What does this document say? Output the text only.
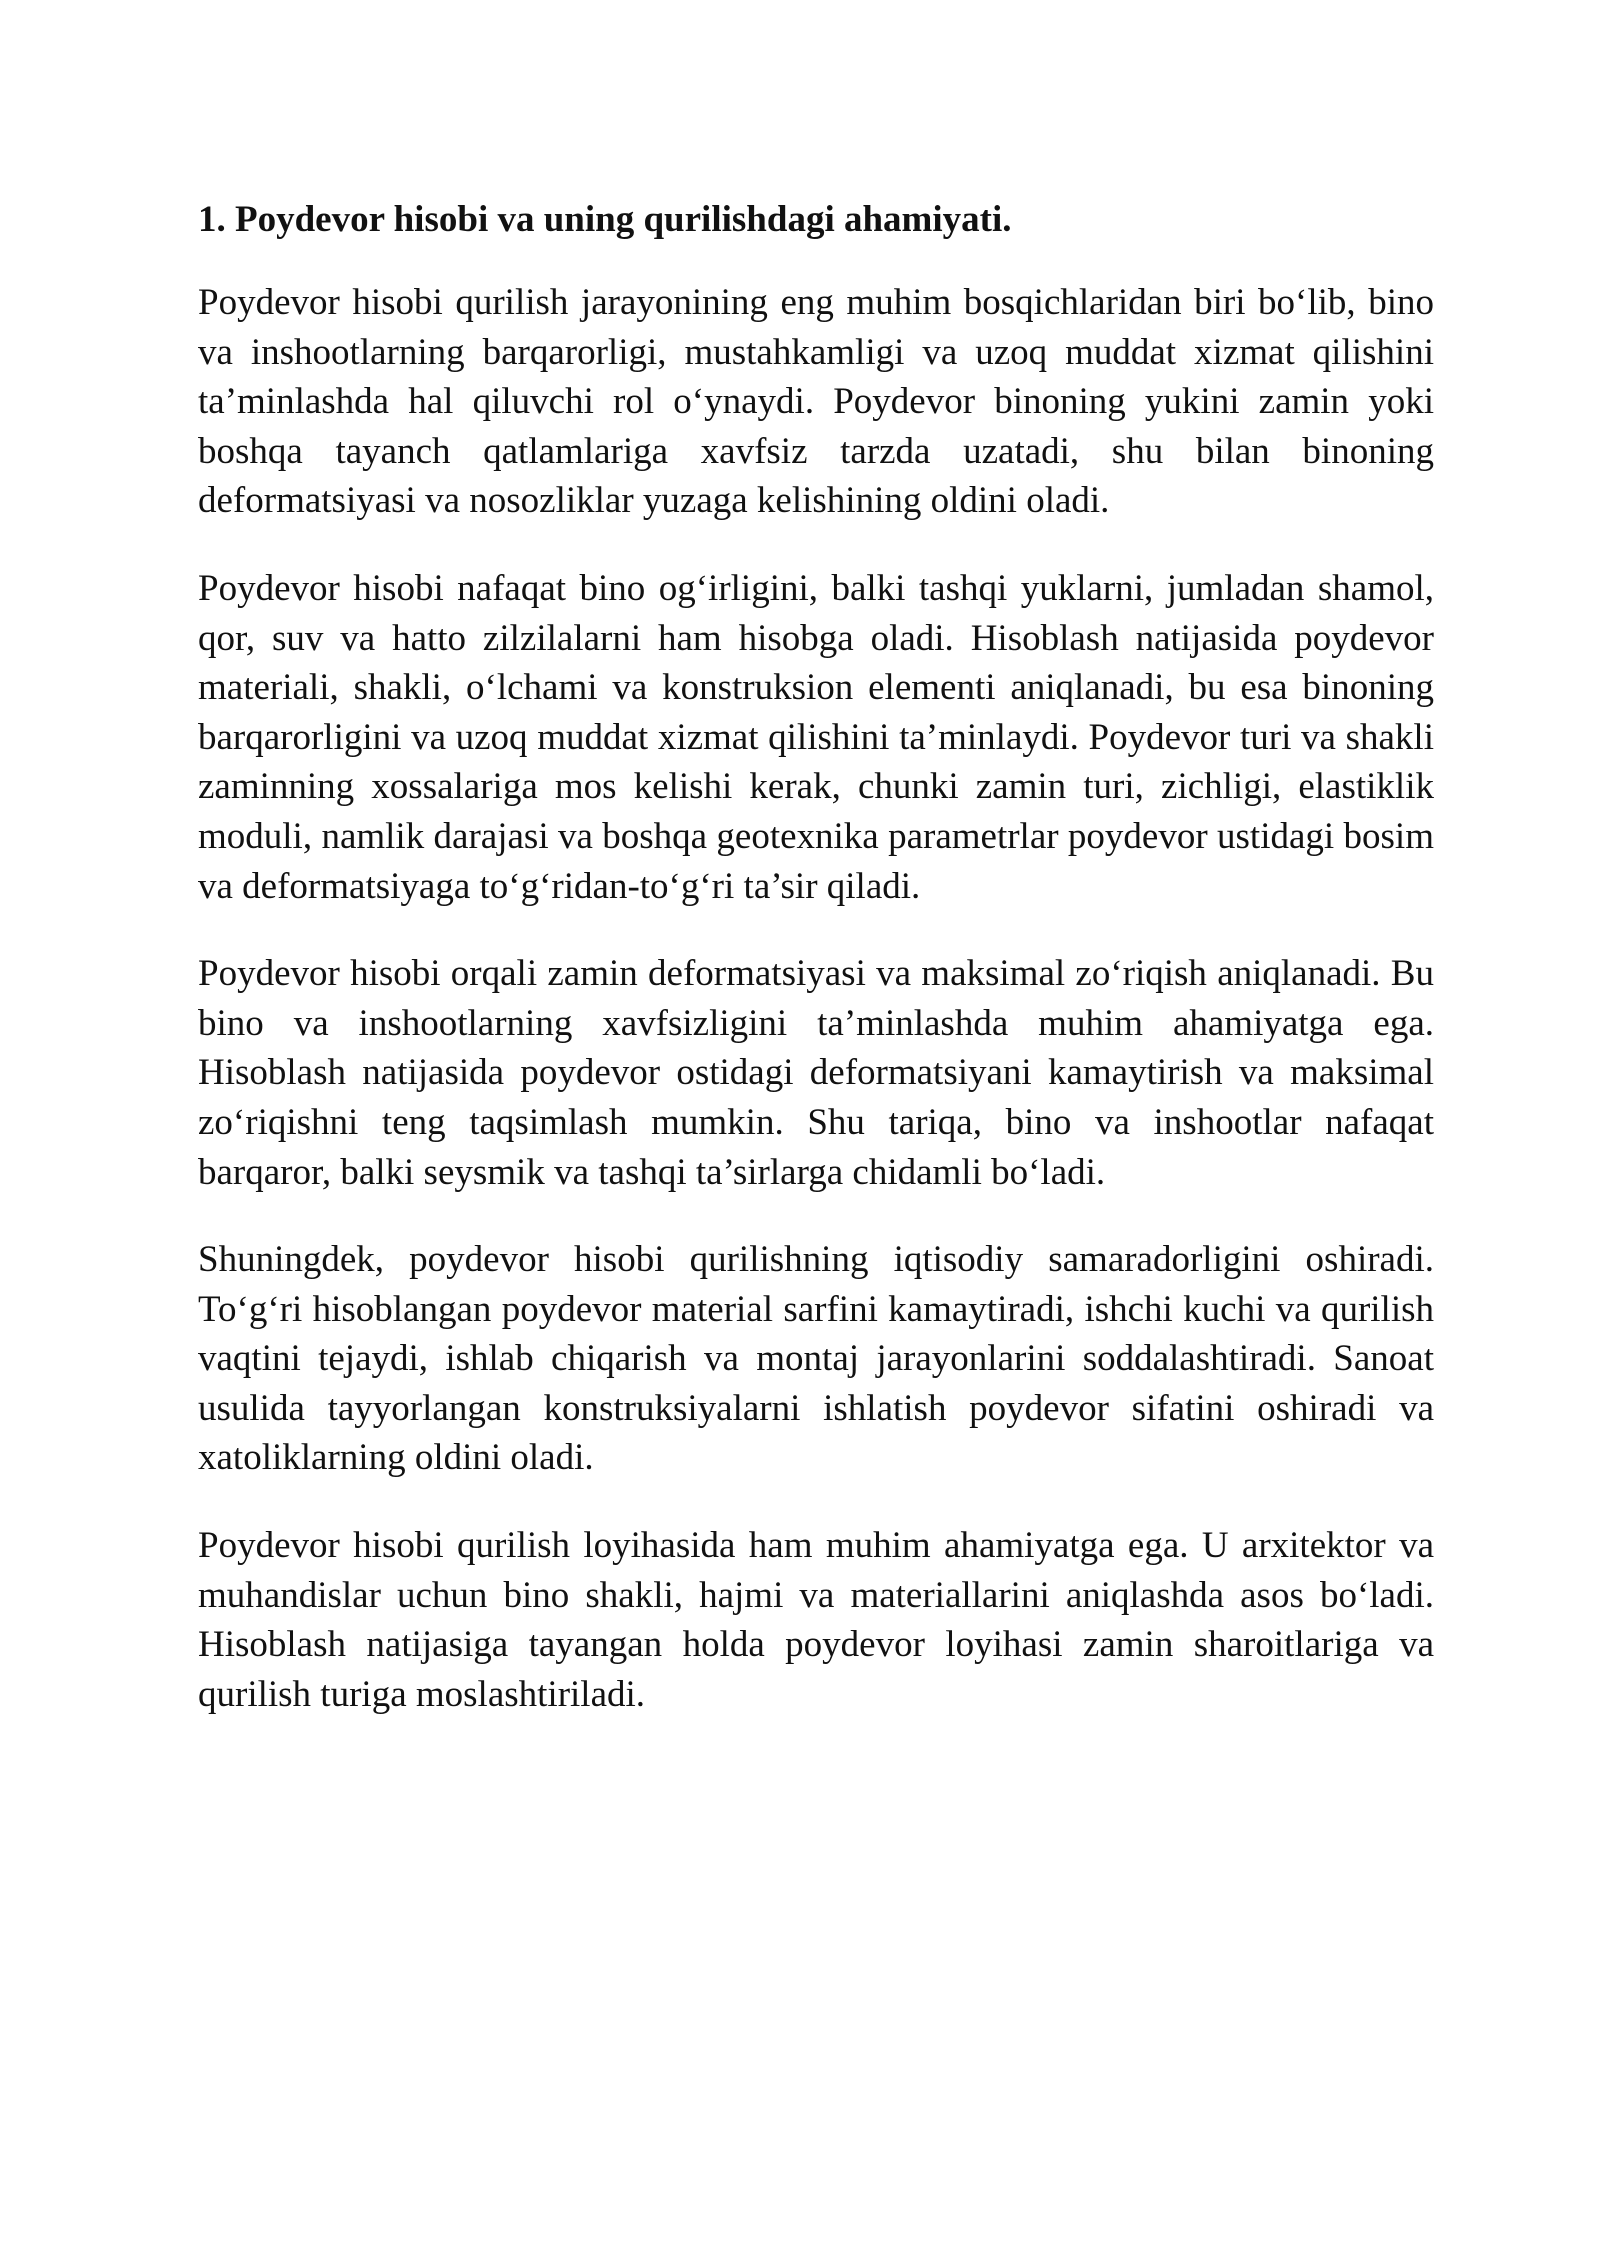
1. Poydevor hisobi va uning qurilishdagi ahamiyati.

Poydevor hisobi qurilish jarayonining eng muhim bosqichlaridan biri bo‘lib, bino va inshootlarning barqarorligi, mustahkamligi va uzoq muddat xizmat qilishini ta’minlashda hal qiluvchi rol o‘ynaydi. Poydevor binoning yukini zamin yoki boshqa tayanch qatlamlariga xavfsiz tarzda uzatadi, shu bilan binoning deformatsiyasi va nosozliklar yuzaga kelishining oldini oladi.

Poydevor hisobi nafaqat bino og‘irligini, balki tashqi yuklarni, jumladan shamol, qor, suv va hatto zilzilalarni ham hisobga oladi. Hisoblash natijasida poydevor materiali, shakli, o‘lchami va konstruksion elementi aniqlanadi, bu esa binoning barqarorligini va uzoq muddat xizmat qilishini ta’minlaydi. Poydevor turi va shakli zaminning xossalariga mos kelishi kerak, chunki zamin turi, zichligi, elastiklik moduli, namlik darajasi va boshqa geotexnika parametrlar poydevor ustidagi bosim va deformatsiyaga to‘g‘ridan-to‘g‘ri ta’sir qiladi.

Poydevor hisobi orqali zamin deformatsiyasi va maksimal zo‘riqish aniqlanadi. Bu bino va inshootlarning xavfsizligini ta’minlashda muhim ahamiyatga ega. Hisoblash natijasida poydevor ostidagi deformatsiyani kamaytirish va maksimal zo‘riqishni teng taqsimlash mumkin. Shu tariqa, bino va inshootlar nafaqat barqaror, balki seysmik va tashqi ta’sirlarga chidamli bo‘ladi.

Shuningdek, poydevor hisobi qurilishning iqtisodiy samaradorligini oshiradi. To‘g‘ri hisoblangan poydevor material sarfini kamaytiradi, ishchi kuchi va qurilish vaqtini tejaydi, ishlab chiqarish va montaj jarayonlarini soddalashtiradi. Sanoat usulida tayyorlangan konstruksiyalarni ishlatish poydevor sifatini oshiradi va xatoliklarning oldini oladi.

Poydevor hisobi qurilish loyihasida ham muhim ahamiyatga ega. U arxitektor va muhandislar uchun bino shakli, hajmi va materiallarini aniqlashda asos bo‘ladi. Hisoblash natijasiga tayangan holda poydevor loyihasi zamin sharoitlariga va qurilish turiga moslashtiriladi.
